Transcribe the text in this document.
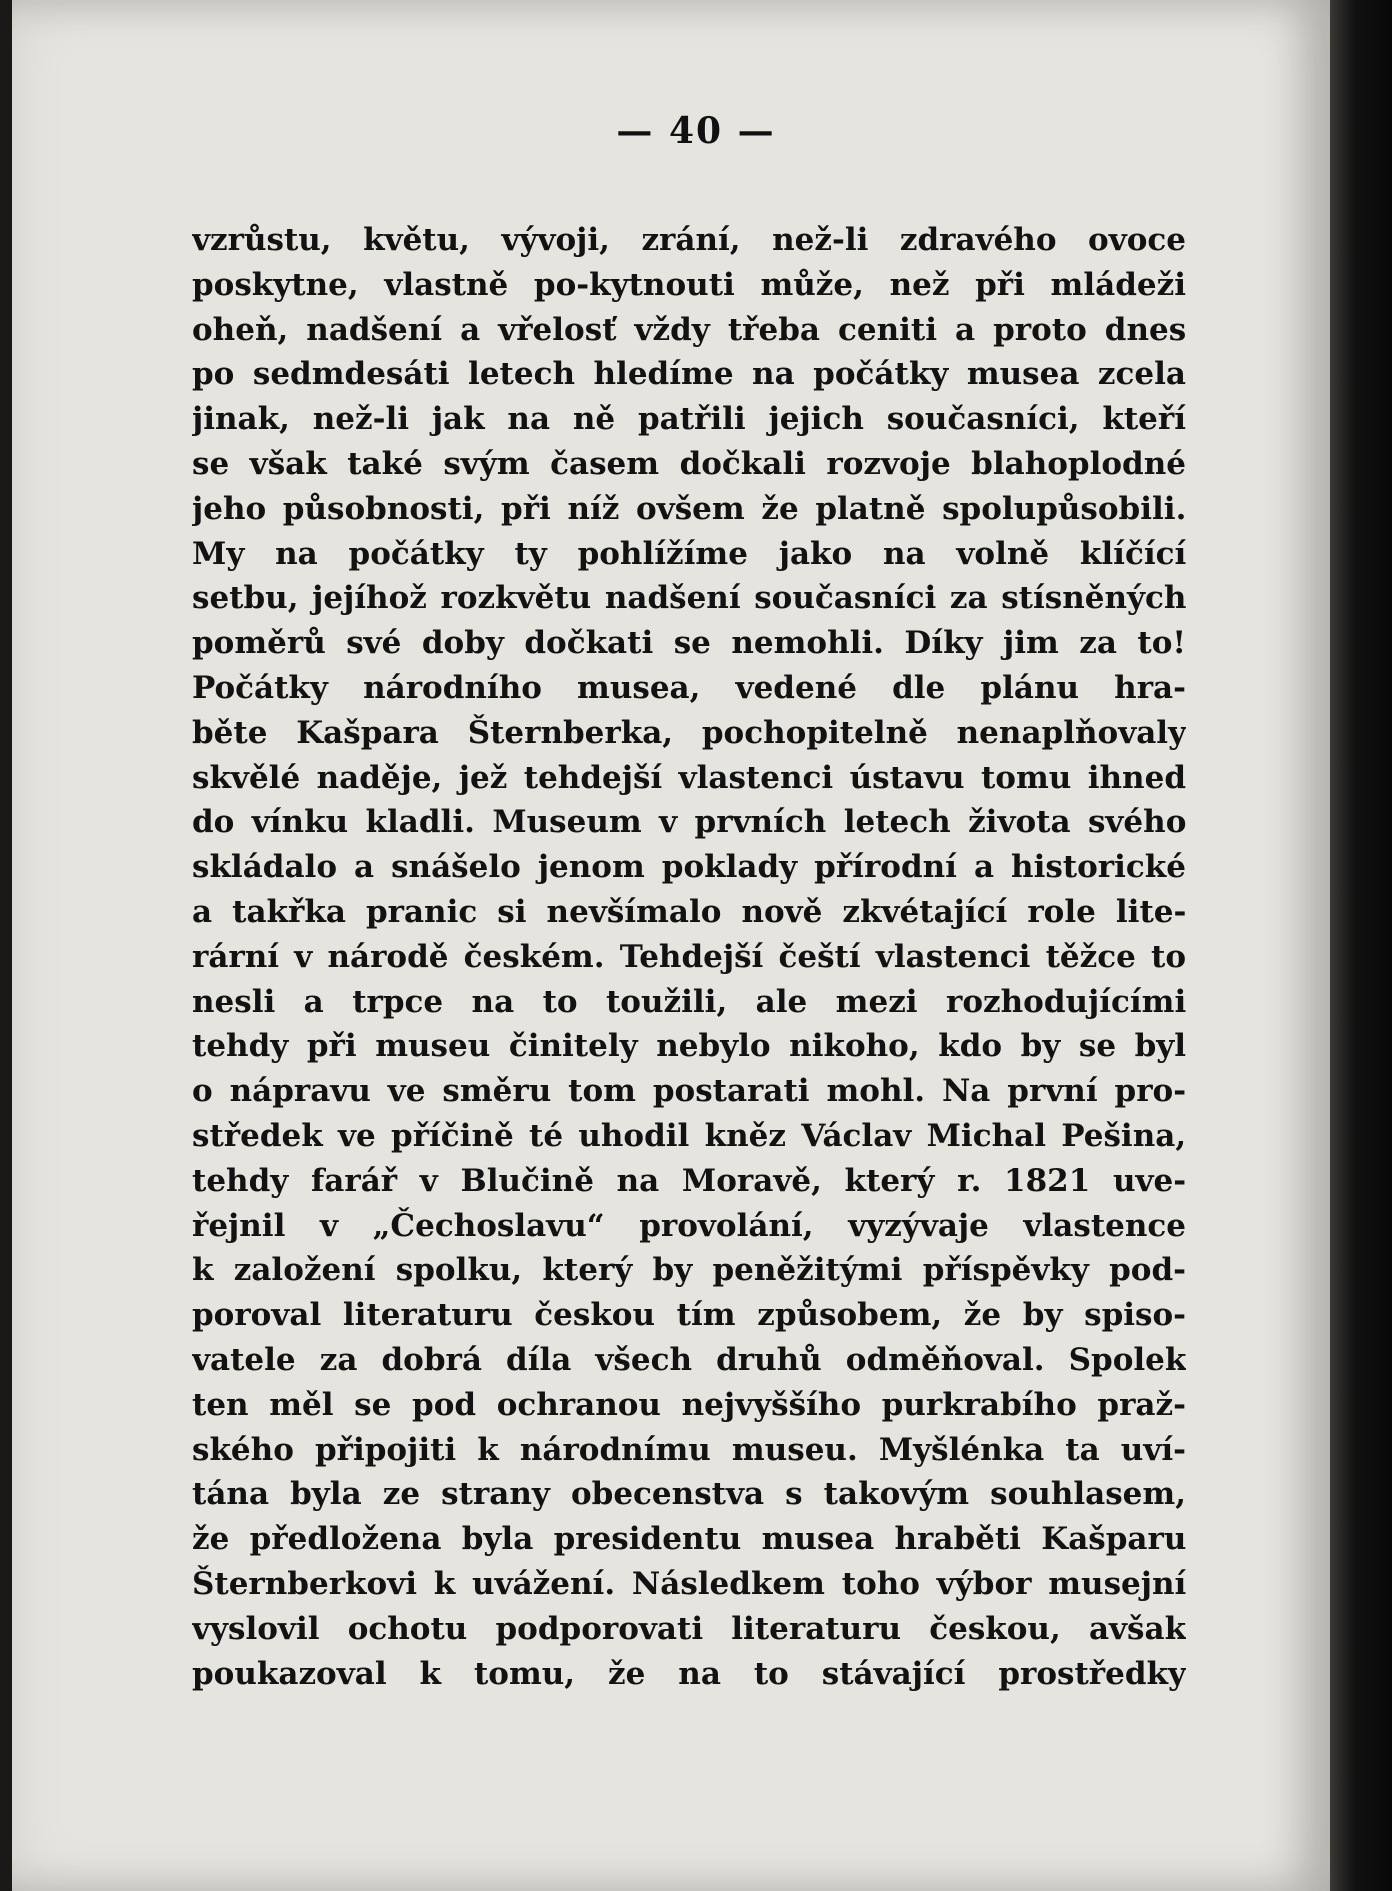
— 40 —
vzrůstu, květu, vývoji, zrání, než-li zdravého ovoce
poskytne, vlastně po-kytnouti může, než při mládeži
oheň, nadšení a vřelosť vždy třeba ceniti a proto dnes
po sedmdesáti letech hledíme na počátky musea zcela
jinak, než-li jak na ně patřili jejich současníci, kteří
se však také svým časem dočkali rozvoje blahoplodné
jeho působnosti, při níž ovšem že platně spolupůsobili.
My na počátky ty pohlížíme jako na volně klíčící
setbu, jejíhož rozkvětu nadšení současníci za stísněných
poměrů své doby dočkati se nemohli. Díky jim za to!
Počátky národního musea, vedené dle plánu hra-
běte Kašpara Šternberka, pochopitelně nenaplňovaly
skvělé naděje, jež tehdejší vlastenci ústavu tomu ihned
do vínku kladli. Museum v prvních letech života svého
skládalo a snášelo jenom poklady přírodní a historické
a takřka pranic si nevšímalo nově zkvétající role lite-
rární v národě českém. Tehdejší čeští vlastenci těžce to
nesli a trpce na to toužili, ale mezi rozhodujícími
tehdy při museu činitely nebylo nikoho, kdo by se byl
o nápravu ve směru tom postarati mohl. Na první pro-
středek ve příčině té uhodil kněz Václav Michal Pešina,
tehdy farář v Blučině na Moravě, který r. 1821 uve-
řejnil v „Čechoslavu“ provolání, vyzývaje vlastence
k založení spolku, který by peněžitými příspěvky pod-
poroval literaturu českou tím způsobem, že by spiso-
vatele za dobrá díla všech druhů odměňoval. Spolek
ten měl se pod ochranou nejvyššího purkrabího praž-
ského připojiti k národnímu museu. Myšlénka ta uví-
tána byla ze strany obecenstva s takovým souhlasem,
že předložena byla presidentu musea hraběti Kašparu
Šternberkovi k uvážení. Následkem toho výbor musejní
vyslovil ochotu podporovati literaturu českou, avšak
poukazoval k tomu, že na to stávající prostředky
